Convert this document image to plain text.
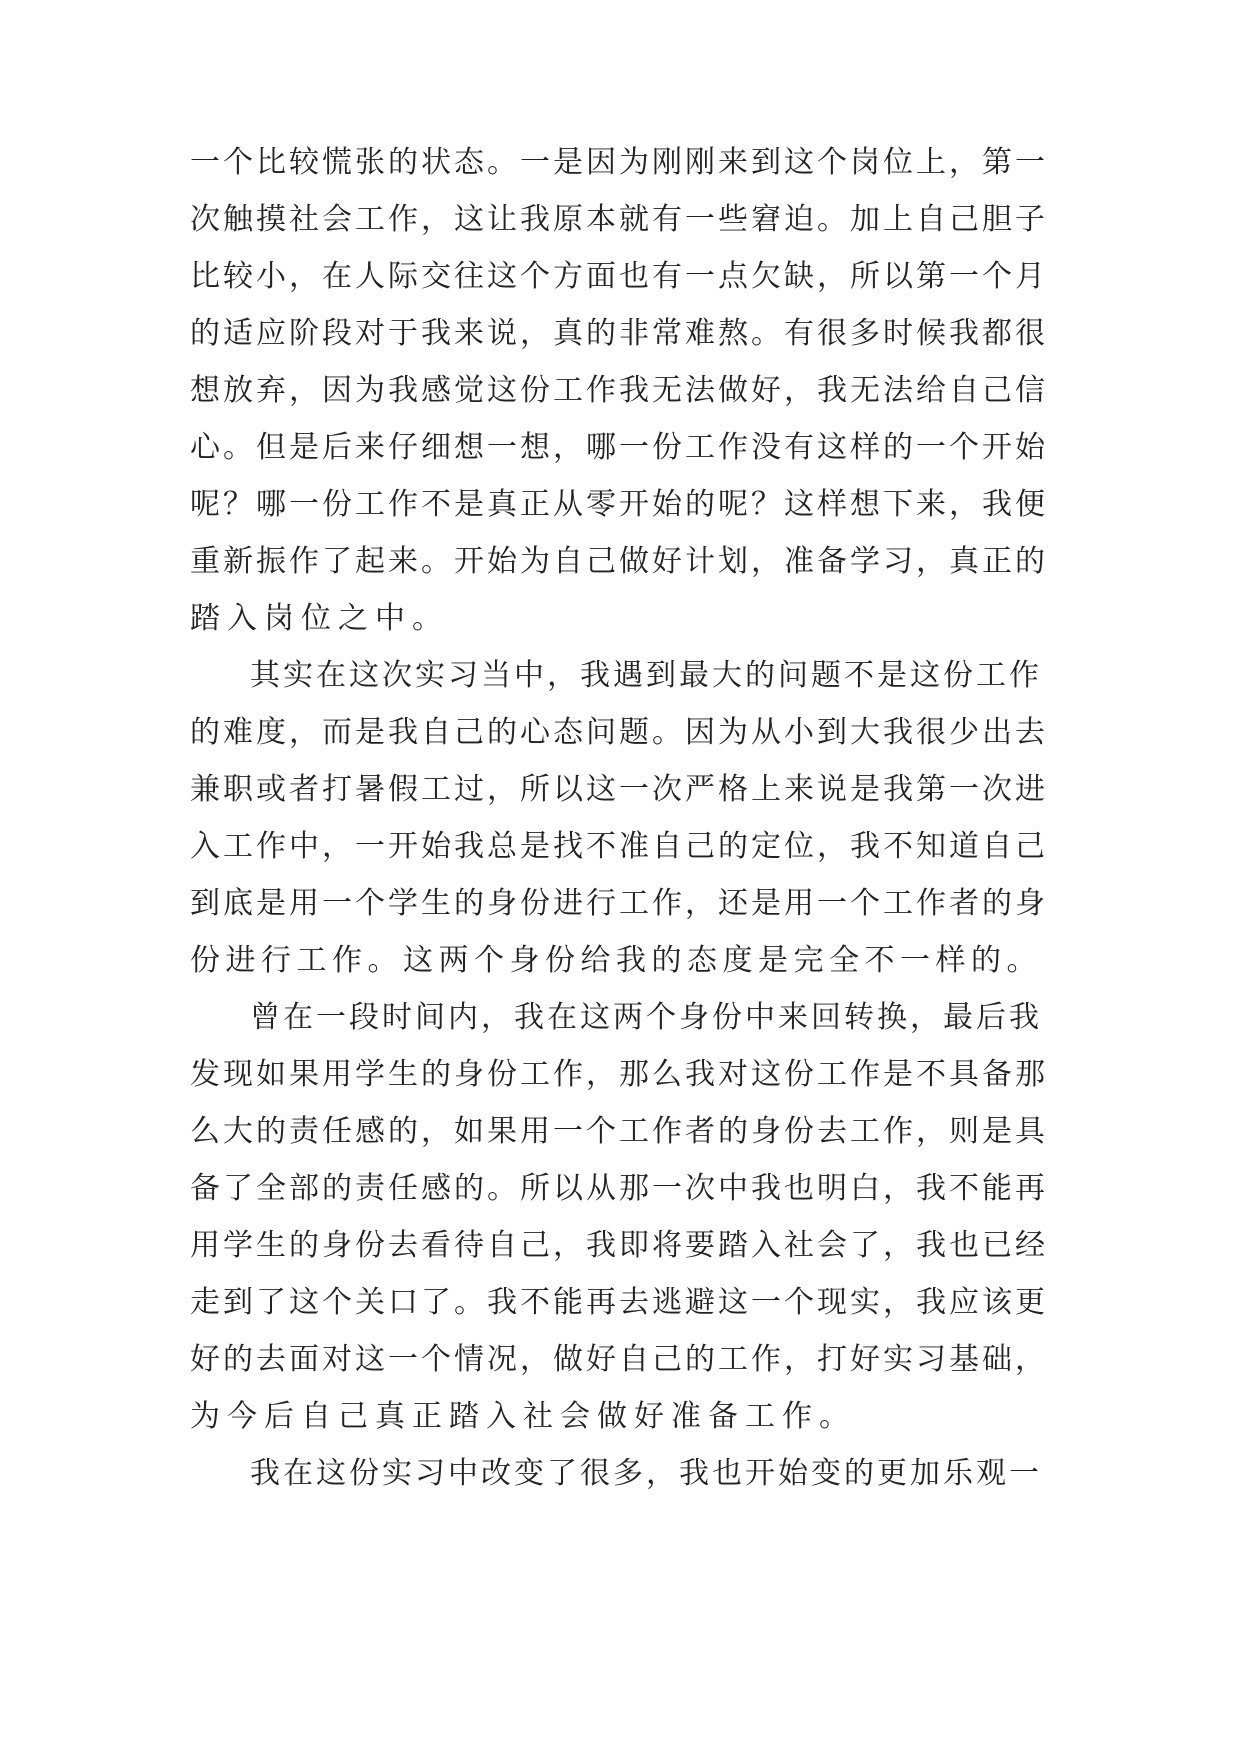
一个比较慌张的状态。一是因为刚刚来到这个岗位上，第一
次触摸社会工作，这让我原本就有一些窘迫。加上自己胆子
比较小，在人际交往这个方面也有一点欠缺，所以第一个月
的适应阶段对于我来说，真的非常难熬。有很多时候我都很
想放弃，因为我感觉这份工作我无法做好，我无法给自己信
心。但是后来仔细想一想，哪一份工作没有这样的一个开始
呢？哪一份工作不是真正从零开始的呢？这样想下来，我便
重新振作了起来。开始为自己做好计划，准备学习，真正的
踏入岗位之中。
其实在这次实习当中，我遇到最大的问题不是这份工作
的难度，而是我自己的心态问题。因为从小到大我很少出去
兼职或者打暑假工过，所以这一次严格上来说是我第一次进
入工作中，一开始我总是找不准自己的定位，我不知道自己
到底是用一个学生的身份进行工作，还是用一个工作者的身
份进行工作。这两个身份给我的态度是完全不一样的。
曾在一段时间内，我在这两个身份中来回转换，最后我
发现如果用学生的身份工作，那么我对这份工作是不具备那
么大的责任感的，如果用一个工作者的身份去工作，则是具
备了全部的责任感的。所以从那一次中我也明白，我不能再
用学生的身份去看待自己，我即将要踏入社会了，我也已经
走到了这个关口了。我不能再去逃避这一个现实，我应该更
好的去面对这一个情况，做好自己的工作，打好实习基础，
为今后自己真正踏入社会做好准备工作。
我在这份实习中改变了很多，我也开始变的更加乐观一
